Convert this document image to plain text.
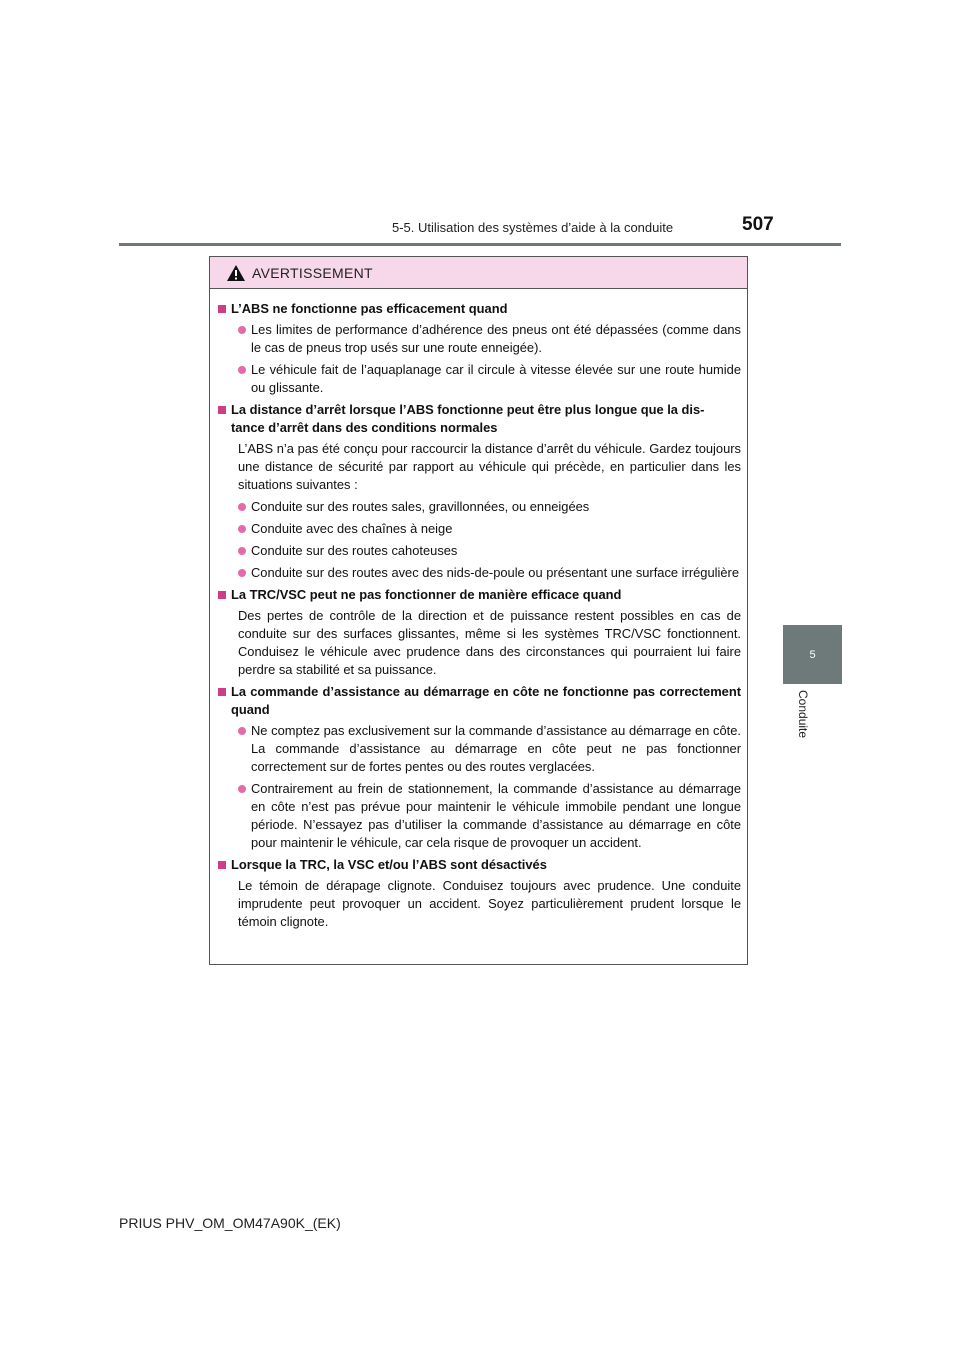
5-5. Utilisation des systèmes d’aide à la conduite	507
5
Conduite
AVERTISSEMENT
L’ABS ne fonctionne pas efficacement quand
Les limites de performance d’adhérence des pneus ont été dépassées (comme dans le cas de pneus trop usés sur une route enneigée).
Le véhicule fait de l’aquaplanage car il circule à vitesse élevée sur une route humide ou glissante.
La distance d’arrêt lorsque l’ABS fonctionne peut être plus longue que la dis-
tance d’arrêt dans des conditions normales
L’ABS n’a pas été conçu pour raccourcir la distance d’arrêt du véhicule. Gardez toujours une distance de sécurité par rapport au véhicule qui précède, en particulier dans les situations suivantes :
Conduite sur des routes sales, gravillonnées, ou enneigées
Conduite avec des chaînes à neige
Conduite sur des routes cahoteuses
Conduite sur des routes avec des nids-de-poule ou présentant une surface irrégulière
La TRC/VSC peut ne pas fonctionner de manière efficace quand
Des pertes de contrôle de la direction et de puissance restent possibles en cas de conduite sur des surfaces glissantes, même si les systèmes TRC/VSC fonctionnent. Conduisez le véhicule avec prudence dans des circonstances qui pourraient lui faire perdre sa stabilité et sa puissance.
La commande d’assistance au démarrage en côte ne fonctionne pas correctement quand
Ne comptez pas exclusivement sur la commande d’assistance au démarrage en côte. La commande d’assistance au démarrage en côte peut ne pas fonctionner correctement sur de fortes pentes ou des routes verglacées.
Contrairement au frein de stationnement, la commande d’assistance au démarrage en côte n’est pas prévue pour maintenir le véhicule immobile pendant une longue période. N’essayez pas d’utiliser la commande d’assistance au démarrage en côte pour maintenir le véhicule, car cela risque de provoquer un accident.
Lorsque la TRC, la VSC et/ou l’ABS sont désactivés
Le témoin de dérapage clignote. Conduisez toujours avec prudence. Une conduite imprudente peut provoquer un accident. Soyez particulièrement prudent lorsque le témoin clignote.
PRIUS PHV_OM_OM47A90K_(EK)
